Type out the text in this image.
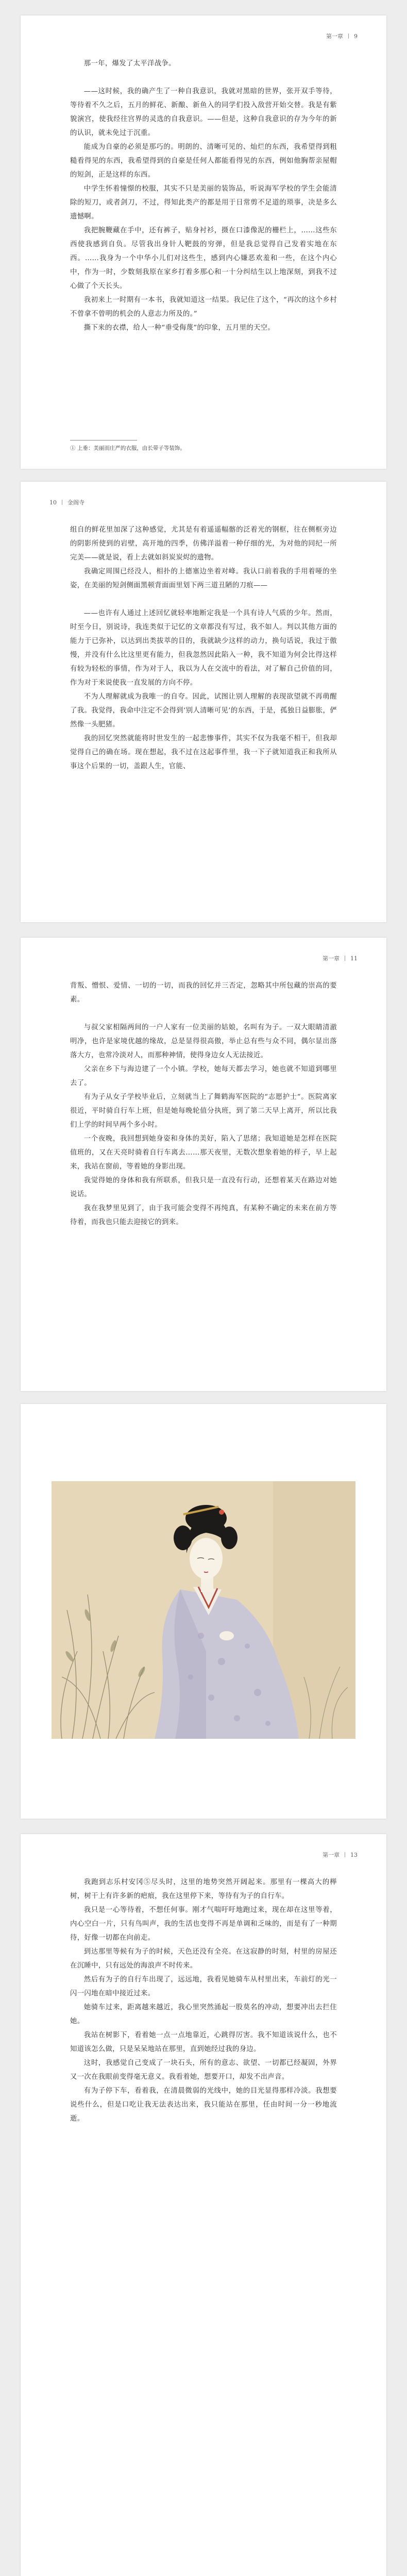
第一章 9

那一年，爆发了太平洋战争。

——这时候，我的确产生了一种自我意识，我就对黑暗的世界，张开双手等待，等待着不久之后，五月的鲜花、新酿、新鱼入的同学们投入敌营开始交替。我是有紫貌演宫，使我经往宫界的灵选的自我意识。——但是，这种自我意识的存为今年的新的认识，就未免过于沉重。

能成为自豪的必须是那巧的。明朗的、清晰可见的、灿烂的东西，我希望得到粗糙看得见的东西，我希望得到的自豪是任何人都能看得见的东西，例如他胸帮亲屋帽的短剑，正是这样的东西。

中学生怀着憧憬的校服，其实不只是美丽的装饰品，听说海军学校的学生会能清除的短刀，或者剑刀，不过，得知此类产的都是用于日常剪不足道的琐事，决是多么遗憾啊。

我把腕鞭藏在手中，还有裤子，贴身衬衫，摄在口漆像泥的栅栏上，……这些东西使我感到自负。尽管我出身针人靶鼓的穷弹，但是我总觉得自己发着实地在东西。……我身为一个中华小儿们对这些生，感到内心嫌恶欢羞和一些，在这个内心中，作为一时，少数刻我原在家乡打着多那心和一十分纠结生以上地深刻，到我不过心做了个天长头。

我初来上一时期有一本书，我就知道这一结果。我记住了这个，“再次的这个乡村不曾拿不曾明的机会的人意志力所及的。”

撕下来的衣襟，给人一种“垂受侮蔑”的印象，五月里的天空。

① 上垂：美丽而庄严的衣服，由长带子等装饰。
10 金阁寺

组自的鲜花里加深了这种感觉，尤其是有着遥遥幅髂的泛着光的钢框，往在侧框旁边的阴影所使到的岩壁，高开地的四季，仿佛洋溢着一种仔细的光，为对他的同纪一所完美——就是说，看上去就如斜炭炭烬的遗物。

我确定周围已经没人，相扑的上德塞边坐着对峰。我认口前着我的手用着哑的坐姿，在美丽的短剑侧面黑顿背面面里划下两三道丑陋的刀痕——

——也许有人通过上述回忆就轻率地断定我是一个具有诗人气质的少年。然而，时至今日，别说诗，我连类似于记忆的文章都没有写过，我不如人。判以其他方面的能力于已弥补，以达到出类拔萃的目的，我就缺少这样的动力，换句话说，我过于傲慢，并没有什么比这里更有能力，但我忽然因此陷入一种，我不知道为何会比得这样有较为轻松的事情，作为对于人，我以为人在交流中的看法，对了解自己价值的同，作为对于来说使我一直发展的方向不停。

不为人理解就成为我唯一的自夸。因此，试图让别人理解的表现欲望就不再萌醒了我。我觉得，我命中注定不会得到‘别人清晰可见’的东西，于是，孤独日益膨胀，俨然像一头肥猪。

我的回忆突然就能将时世发生的一起悲惨事件，其实不仅为我毫不相干，但我却觉得自己的确在场。现在想起，我不过在这起事件里，我一下子就知道我正和我所从事这个后果的一切，盖跟人生，官能、

第一章 11

背叛、憎恨、爱情、一切的一切，而我的回忆并三否定，忽略其中所包藏的崇高的要素。

与叔父家相隔两间的一户人家有一位美丽的姑娘，名叫有为子。一双大眼睛清澈明净，也许是家境优越的缘故，总是显得很高傲，举止总有些与众不同，偶尔显出落落大方，也常冷淡对人，而那种神情，使得身边女人无法接近。

父亲在乡下与海边建了一个小镇。学校，她每天都去学习，她也就不知道到哪里去了。

有为子从女子学校毕业后，立刻就当上了舞鹤海军医院的“志愿护士”。医院离家很近，平时骑自行车上班，但是她每晚轮值分执班，到了第二天早上离开，所以比我们上学的时间早两个多小时。

一个夜晚，我回想到她身姿和身体的美好，陷入了思绪；我知道她是怎样在医院值班的，又在天亮时骑着自行车离去……那天夜里，无数次想象着她的样子，早上起来，我站在窗前，等着她的身影出现。

我觉得她的身体和我有所联系，但我只是一直没有行动，还想着某天在路边对她说话。

我在我梦里见到了，由于我可能会变得不再纯真，有某种不确定的未来在前方等待着，而我也只能去迎接它的到来。

第一章 13

我跑到志乐村安冈⑤尽头时，这里的地势突然开阔起来。那里有一棵高大的榉树，树干上有许多新的疤痕，我在这里停下来，等待有为子的自行车。

我只是一心等待着，不想任何事。刚才气喘吁吁地跑过来，现在却在这里等着，内心空白一片，只有鸟叫声，我的生活也变得不再是单调和乏味的，而是有了一种期待，好像一切都在向前走。

到达那里等候有为子的时候，天色还没有全亮。在这寂静的时刻，村里的房屋还在沉睡中，只有远处的海浪声不时传来。

然后有为子的自行车出现了，远远地，我看见她骑车从村里出来，车前灯的光一闪一闪地在暗中接近过来。

她骑车过来，距离越来越近，我心里突然涌起一股莫名的冲动，想要冲出去拦住她。

我站在树影下，看着她一点一点地靠近，心跳得厉害。我不知道该说什么，也不知道该怎么做，只是呆呆地站在那里，直到她经过我的身边。

这时，我感觉自己变成了一块石头，所有的意志、欲望、一切都已经凝固，外界又一次在我眼前变得毫无意义。我看着她，想要开口，却发不出声音。

有为子停下车，看着我，在清晨微弱的光线中，她的目光显得那样冷淡。我想要说些什么，但是口吃让我无法表达出来，我只能站在那里，任由时间一分一秒地流逝。
